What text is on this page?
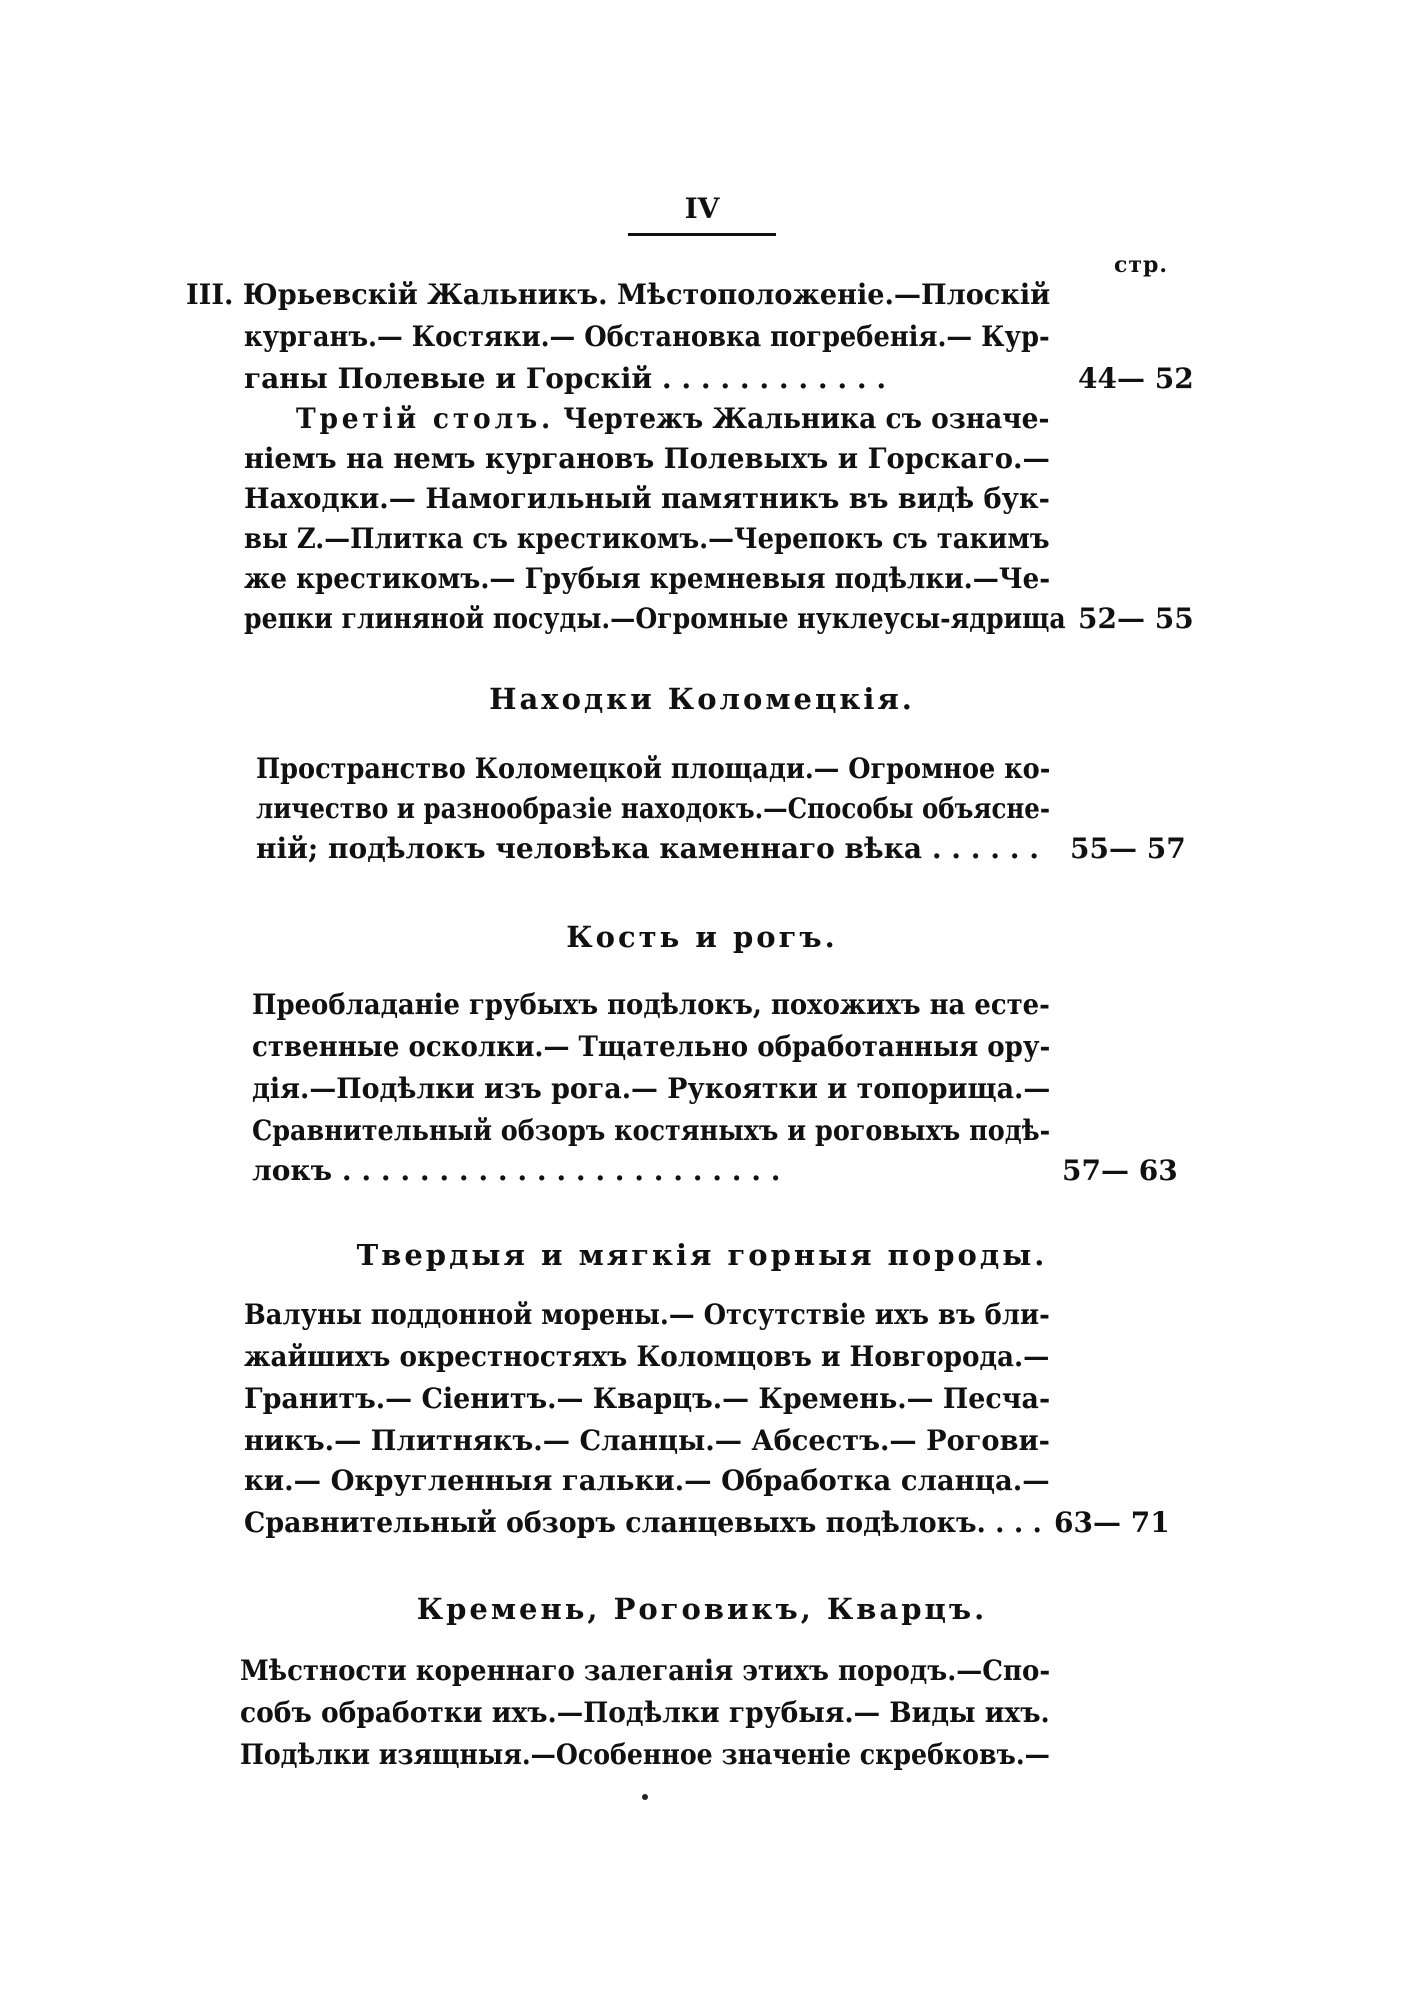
IV
стр.
III. Юрьевскій Жальникъ. Мѣстоположеніе.—Плоскій
курганъ.— Костяки.— Обстановка погребенія.— Кур-
ганы Полевые и Горскій . . . . . . . . . . . .	44— 52
Третій столъ. Чертежъ Жальника съ означе-
ніемъ на немъ кургановъ Полевыхъ и Горскаго.—
Находки.— Намогильный памятникъ въ видѣ бук-
вы Z.—Плитка съ крестикомъ.—Черепокъ съ такимъ
же крестикомъ.— Грубыя кремневыя подѣлки.—Че-
репки глиняной посуды.—Огромные нуклеусы-ядрища 52— 55
Находки Коломецкія.
Пространство Коломецкой площади.— Огромное ко-
личество и разнообразіе находокъ.—Способы объясне-
ній; подѣлокъ человѣка каменнаго вѣка . . . . . . 55— 57
Кость и рогъ.
Преобладаніе грубыхъ подѣлокъ, похожихъ на есте-
ственные осколки.— Тщательно обработанныя ору-
дія.—Подѣлки изъ рога.— Рукоятки и топорища.—
Сравнительный обзоръ костяныхъ и роговыхъ подѣ-
локъ . . . . . . . . . . . . . . . . . . . . . . .	57— 63
Твердыя и мягкія горныя породы.
Валуны поддонной морены.— Отсутствіе ихъ въ бли-
жайшихъ окрестностяхъ Коломцовъ и Новгорода.—
Гранитъ.— Сіенитъ.— Кварцъ.— Кремень.— Песча-
никъ.— Плитнякъ.— Сланцы.— Абсестъ.— Рогови-
ки.— Округленныя гальки.— Обработка сланца.—
Сравнительный обзоръ сланцевыхъ подѣлокъ. . . . 63— 71
Кремень, Роговикъ, Кварцъ.
Мѣстности кореннаго залеганія этихъ породъ.—Спо-
собъ обработки ихъ.—Подѣлки грубыя.— Виды ихъ.
Подѣлки изящныя.—Особенное значеніе скребковъ.—
